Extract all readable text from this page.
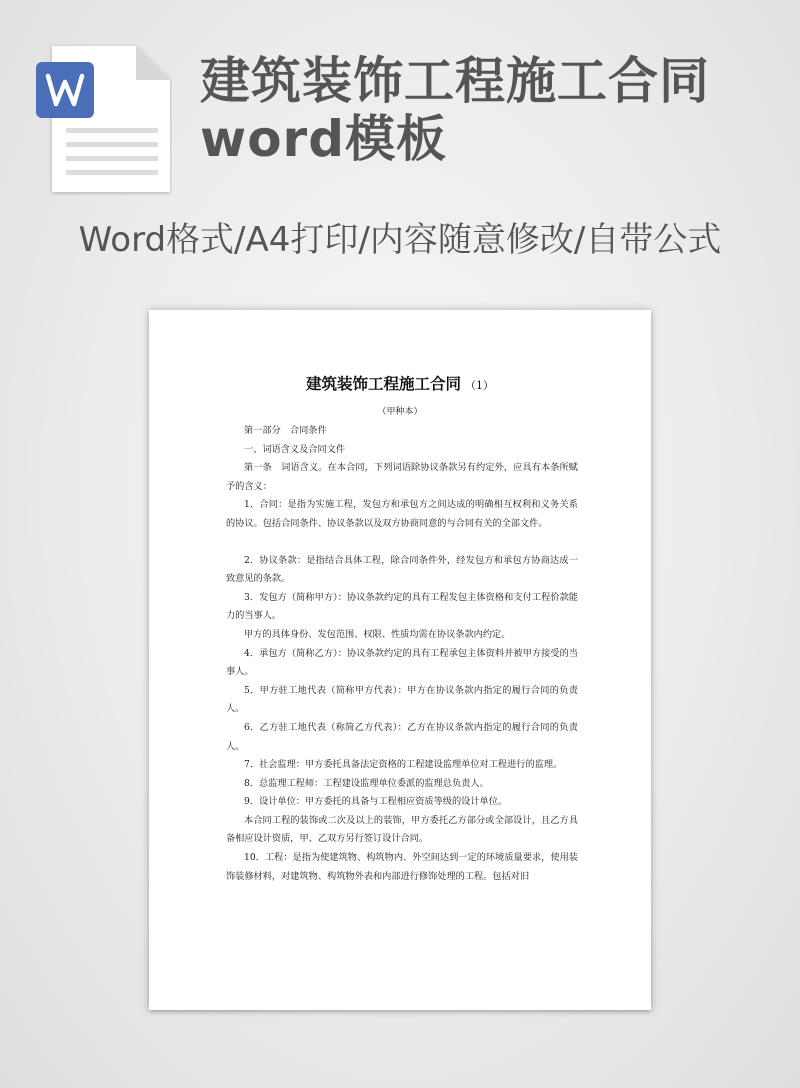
建筑装饰工程施工合同word模板
Word格式/A4打印/内容随意修改/自带公式
建筑装饰工程施工合同 （1）
（甲种本）

第一部分　合同条件

一、词语含义及合同文件

第一条　词语含义。在本合同，下列词语除协议条款另有约定外，应具有本条所赋予的含义：

1．合同：是指为实施工程，发包方和承包方之间达成的明确相互权利和义务关系的协议。包括合同条件、协议条款以及双方协商同意的与合同有关的全部文件。

2．协议条款：是指结合具体工程，除合同条件外，经发包方和承包方协商达成一致意见的条款。

3．发包方（简称甲方）：协议条款约定的具有工程发包主体资格和支付工程价款能力的当事人。

甲方的具体身份、发包范围、权限、性质均需在协议条款内约定。

4．承包方（简称乙方）：协议条款约定的具有工程承包主体资料并被甲方接受的当事人。

5．甲方驻工地代表（简称甲方代表）：甲方在协议条款内指定的履行合同的负责人。

6．乙方驻工地代表（称简乙方代表）：乙方在协议条款内指定的履行合同的负责人。

7．社会监理：甲方委托具备法定资格的工程建设监理单位对工程进行的监理。

8．总监理工程师：工程建设监理单位委派的监理总负责人。

9．设计单位：甲方委托的具备与工程相应资质等级的设计单位。

本合同工程的装饰或二次及以上的装饰，甲方委托乙方部分或全部设计，且乙方具备相应设计资质，甲、乙双方另行签订设计合同。

10．工程：是指为使建筑物、构筑物内、外空间达到一定的环境质量要求，使用装饰装修材料，对建筑物、构筑物外表和内部进行修饰处理的工程。包括对旧
